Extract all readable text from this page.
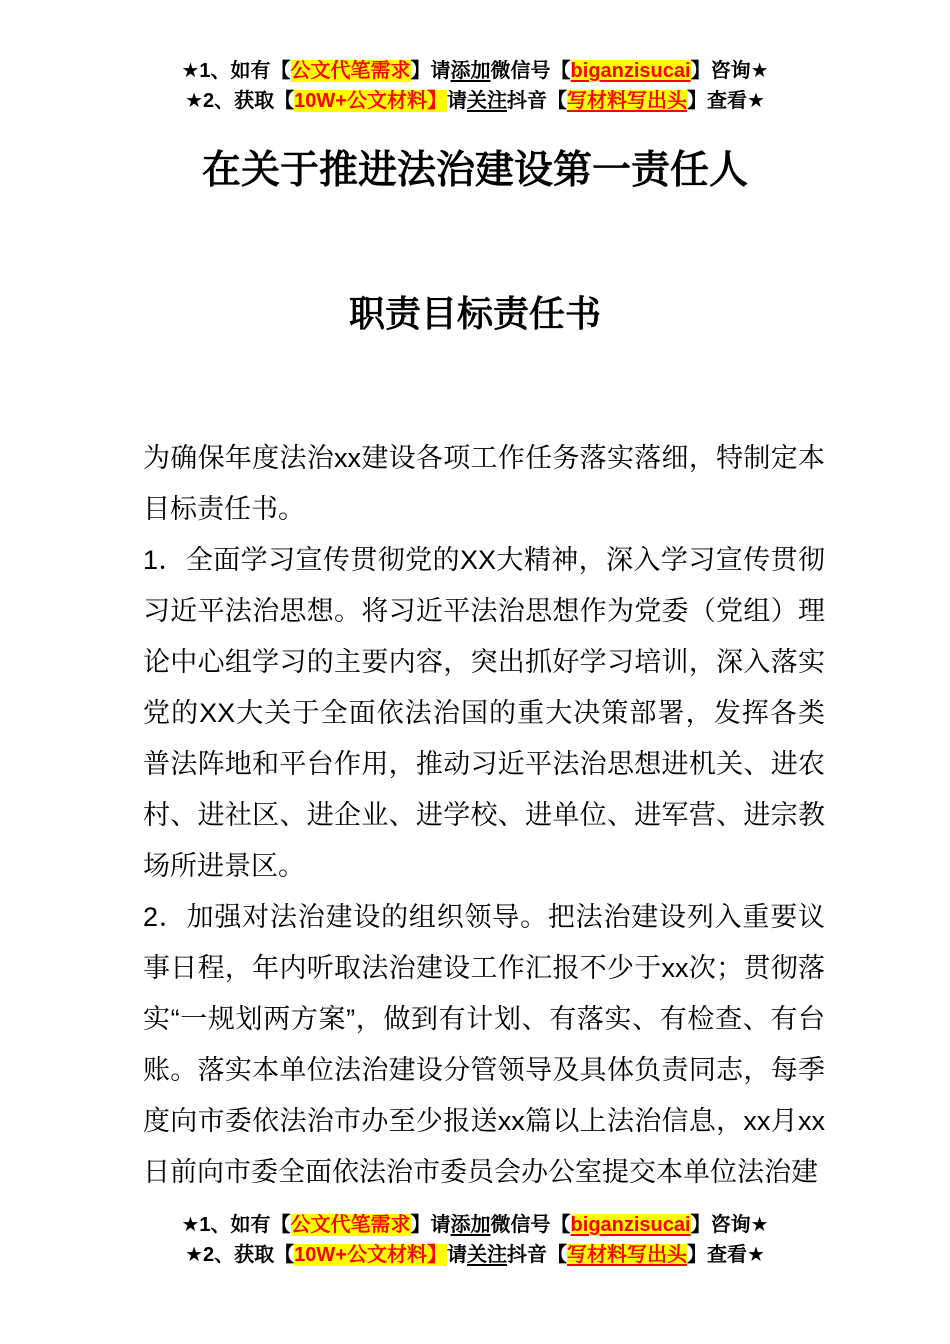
★1、如有【公文代笔需求】请添加微信号【biganzisucai】咨询★
★2、获取【10W+公文材料】请关注抖音【写材料写出头】查看★
在关于推进法治建设第一责任人
职责目标责任书

为确保年度法治xx建设各项工作任务落实落细，特制定本目标责任书。

1．全面学习宣传贯彻党的XX大精神，深入学习宣传贯彻习近平法治思想。将习近平法治思想作为党委（党组）理论中心组学习的主要内容，突出抓好学习培训，深入落实党的XX大关于全面依法治国的重大决策部署，发挥各类普法阵地和平台作用，推动习近平法治思想进机关、进农村、进社区、进企业、进学校、进单位、进军营、进宗教场所进景区。

2．加强对法治建设的组织领导。把法治建设列入重要议事日程，年内听取法治建设工作汇报不少于xx次；贯彻落实“一规划两方案”，做到有计划、有落实、有检查、有台账。落实本单位法治建设分管领导及具体负责同志，每季度向市委依法治市办至少报送xx篇以上法治信息，xx月xx日前向市委全面依法治市委员会办公室提交本单位法治建

★1、如有【公文代笔需求】请添加微信号【biganzisucai】咨询★
★2、获取【10W+公文材料】请关注抖音【写材料写出头】查看★
